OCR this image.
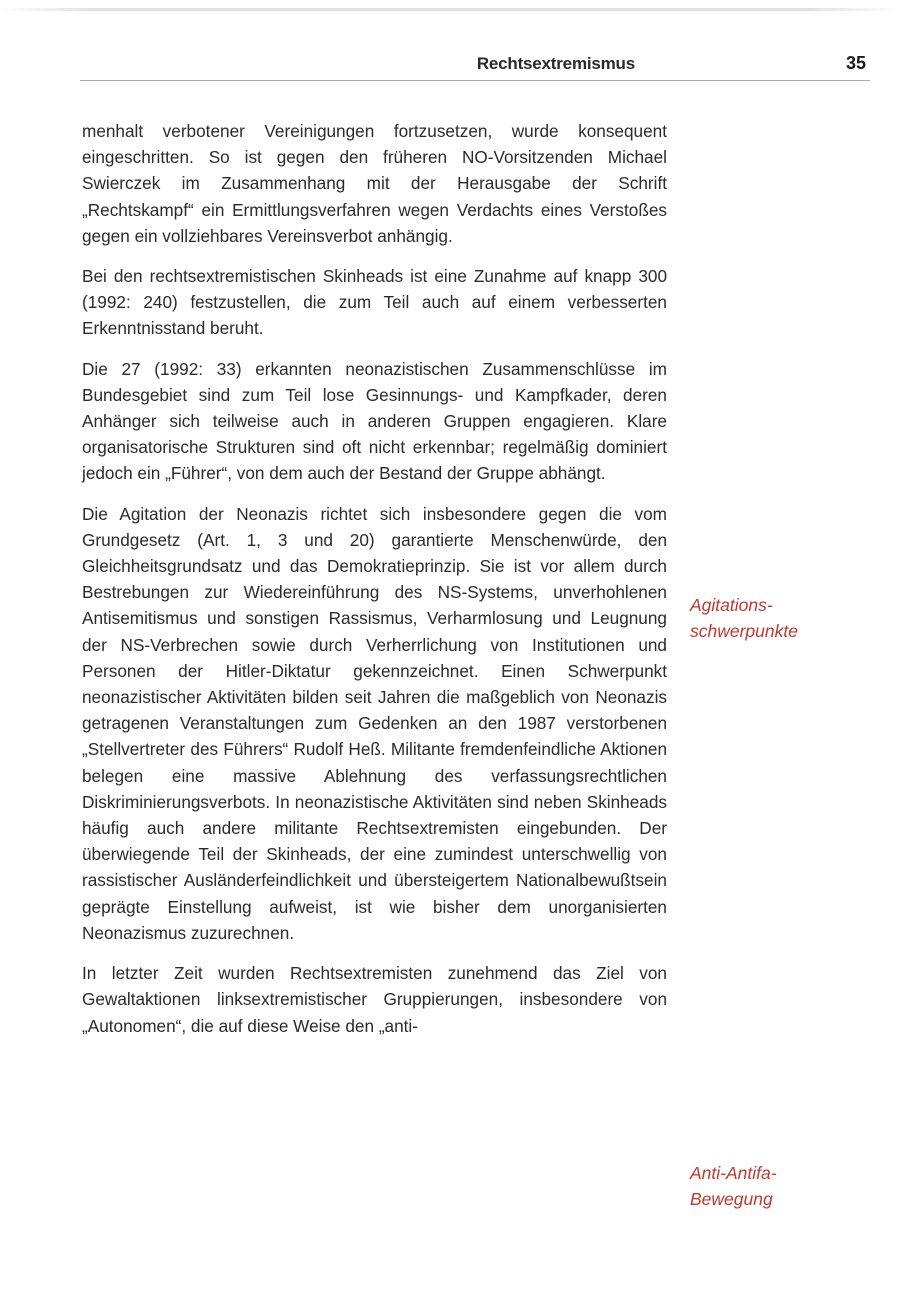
Rechtsextremismus	35

menhalt verbotener Vereinigungen fortzusetzen, wurde konsequent eingeschritten. So ist gegen den früheren NO-Vorsitzenden Michael Swierczek im Zusammenhang mit der Herausgabe der Schrift „Rechtskampf“ ein Ermittlungsverfahren wegen Verdachts eines Verstoßes gegen ein vollziehbares Vereinsverbot anhängig.

Bei den rechtsextremistischen Skinheads ist eine Zunahme auf knapp 300 (1992: 240) festzustellen, die zum Teil auch auf einem verbesserten Erkenntnisstand beruht.

Die 27 (1992: 33) erkannten neonazistischen Zusammenschlüsse im Bundesgebiet sind zum Teil lose Gesinnungs- und Kampfkader, deren Anhänger sich teilweise auch in anderen Gruppen engagieren. Klare organisatorische Strukturen sind oft nicht erkennbar; regelmäßig dominiert jedoch ein „Führer“, von dem auch der Bestand der Gruppe abhängt.

Die Agitation der Neonazis richtet sich insbesondere gegen die vom Grundgesetz (Art. 1, 3 und 20) garantierte Menschenwürde, den Gleichheitsgrundsatz und das Demokratieprinzip. Sie ist vor allem durch Bestrebungen zur Wiedereinführung des NS-Systems, unverhohlenen Antisemitismus und sonstigen Rassismus, Verharmlosung und Leugnung der NS-Verbrechen sowie durch Verherrlichung von Institutionen und Personen der Hitler-Diktatur gekennzeichnet. Einen Schwerpunkt neonazistischer Aktivitäten bilden seit Jahren die maßgeblich von Neonazis getragenen Veranstaltungen zum Gedenken an den 1987 verstorbenen „Stellvertreter des Führers“ Rudolf Heß. Militante fremdenfeindliche Aktionen belegen eine massive Ablehnung des verfassungsrechtlichen Diskriminierungsverbots. In neonazistische Aktivitäten sind neben Skinheads häufig auch andere militante Rechtsextremisten eingebunden. Der überwiegende Teil der Skinheads, der eine zumindest unterschwellig von rassistischer Ausländerfeindlichkeit und übersteigertem Nationalbewußtsein geprägte Einstellung aufweist, ist wie bisher dem unorganisierten Neonazismus zuzurechnen.

In letzter Zeit wurden Rechtsextremisten zunehmend das Ziel von Gewaltaktionen linksextremistischer Gruppierungen, insbesondere von „Autonomen“, die auf diese Weise den „anti-

Agitations-
schwerpunkte
Anti-Antifa-
Bewegung
